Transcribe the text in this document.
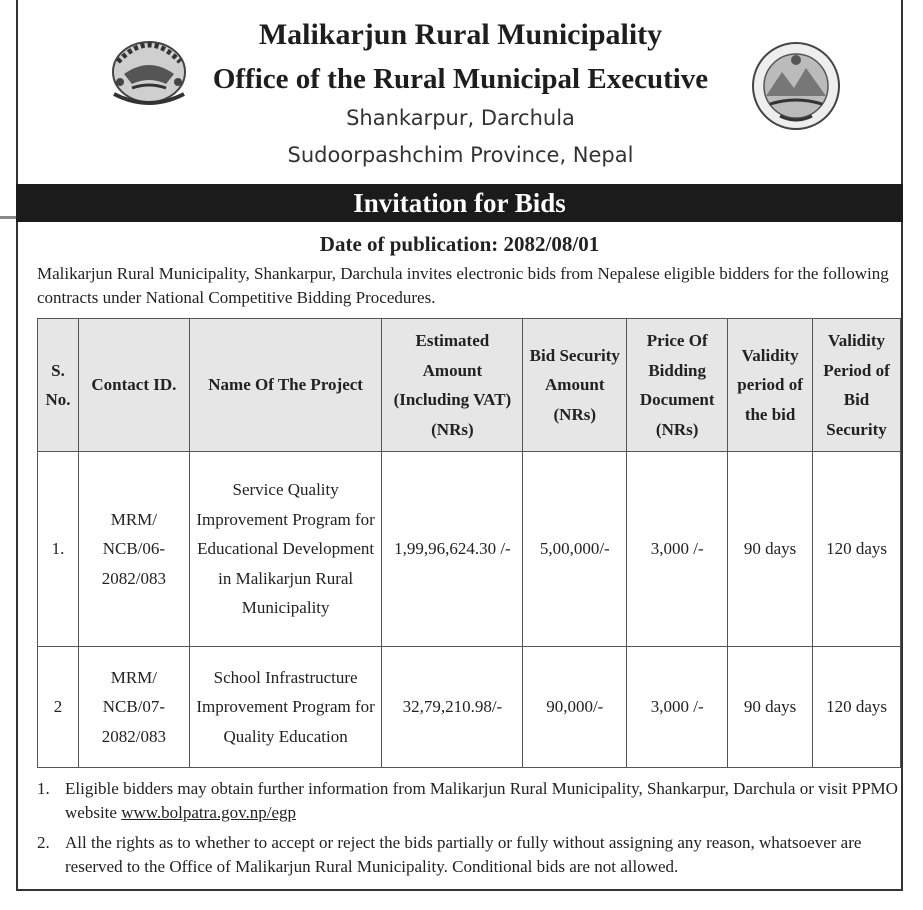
Malikarjun Rural Municipality
Office of the Rural Municipal Executive
Shankarpur, Darchula
Sudoorpashchim Province, Nepal
Invitation for Bids
Date of publication: 2082/08/01
Malikarjun Rural Municipality, Shankarpur, Darchula invites electronic bids from Nepalese eligible bidders for the following contracts under National Competitive Bidding Procedures.
S. No.	Contact ID.	Name Of The Project	Estimated Amount (Including VAT) (NRs)	Bid Security Amount (NRs)	Price Of Bidding Document (NRs)	Validity period of the bid	Validity Period of Bid Security
1.	MRM/ NCB/06- 2082/083	Service Quality Improvement Program for Educational Development in Malikarjun Rural Municipality	1,99,96,624.30 /-	5,00,000/-	3,000 /-	90 days	120 days
2	MRM/ NCB/07- 2082/083	School Infrastructure Improvement Program for Quality Education	32,79,210.98/-	90,000/-	3,000 /-	90 days	120 days
1. Eligible bidders may obtain further information from Malikarjun Rural Municipality, Shankarpur, Darchula or visit PPMO website www.bolpatra.gov.np/egp
2. All the rights as to whether to accept or reject the bids partially or fully without assigning any reason, whatsoever are reserved to the Office of Malikarjun Rural Municipality. Conditional bids are not allowed.
